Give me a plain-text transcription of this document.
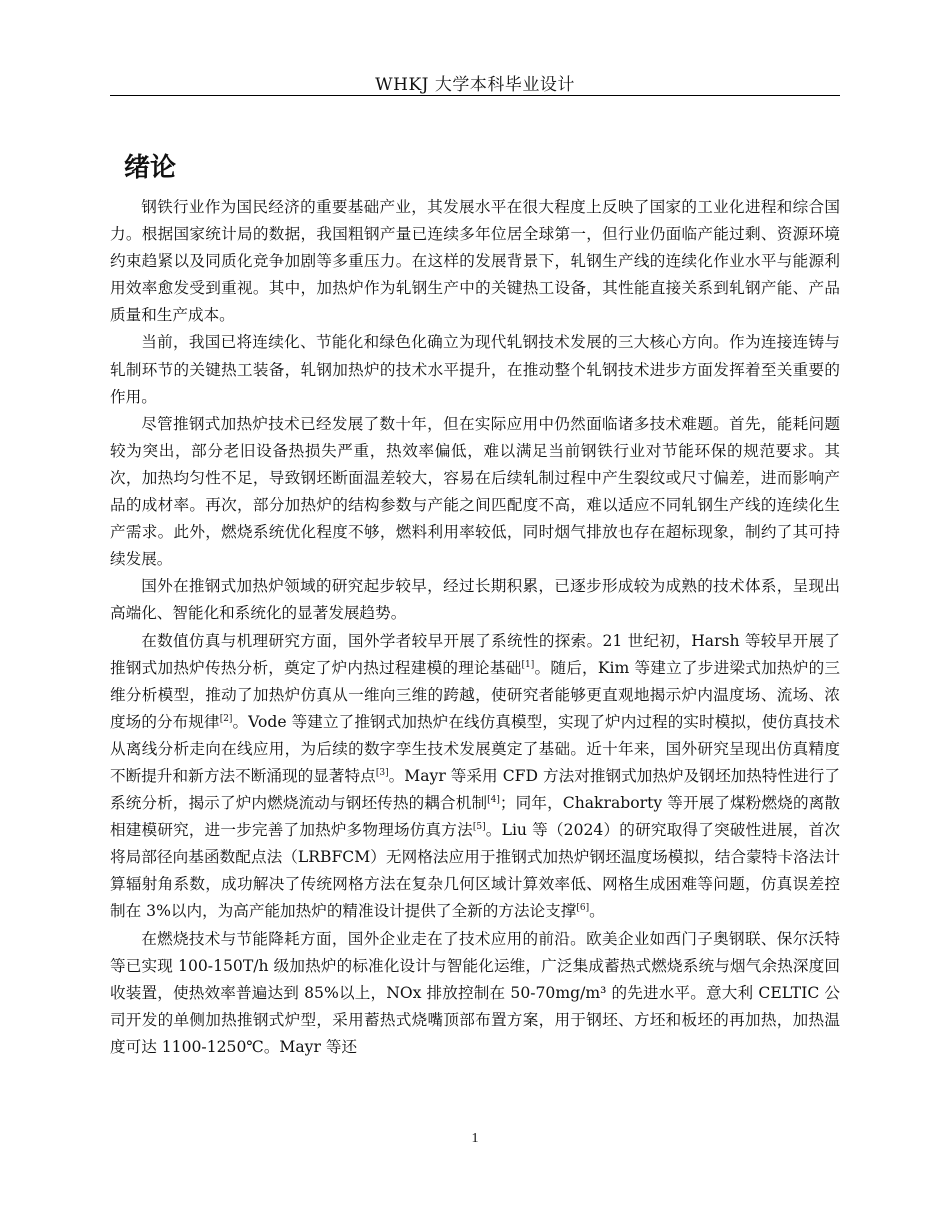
WHKJ 大学本科毕业设计
绪论

钢铁行业作为国民经济的重要基础产业，其发展水平在很大程度上反映了国家的工业化进程和综合国力。根据国家统计局的数据，我国粗钢产量已连续多年位居全球第一，但行业仍面临产能过剩、资源环境约束趋紧以及同质化竞争加剧等多重压力。在这样的发展背景下，轧钢生产线的连续化作业水平与能源利用效率愈发受到重视。其中，加热炉作为轧钢生产中的关键热工设备，其性能直接关系到轧钢产能、产品质量和生产成本。

当前，我国已将连续化、节能化和绿色化确立为现代轧钢技术发展的三大核心方向。作为连接连铸与轧制环节的关键热工装备，轧钢加热炉的技术水平提升，在推动整个轧钢技术进步方面发挥着至关重要的作用。

尽管推钢式加热炉技术已经发展了数十年，但在实际应用中仍然面临诸多技术难题。首先，能耗问题较为突出，部分老旧设备热损失严重，热效率偏低，难以满足当前钢铁行业对节能环保的规范要求。其次，加热均匀性不足，导致钢坯断面温差较大，容易在后续轧制过程中产生裂纹或尺寸偏差，进而影响产品的成材率。再次，部分加热炉的结构参数与产能之间匹配度不高，难以适应不同轧钢生产线的连续化生产需求。此外，燃烧系统优化程度不够，燃料利用率较低，同时烟气排放也存在超标现象，制约了其可持续发展。

国外在推钢式加热炉领域的研究起步较早，经过长期积累，已逐步形成较为成熟的技术体系，呈现出高端化、智能化和系统化的显著发展趋势。

在数值仿真与机理研究方面，国外学者较早开展了系统性的探索。21 世纪初，Harsh 等较早开展了推钢式加热炉传热分析，奠定了炉内热过程建模的理论基础[1]。随后，Kim 等建立了步进梁式加热炉的三维分析模型，推动了加热炉仿真从一维向三维的跨越，使研究者能够更直观地揭示炉内温度场、流场、浓度场的分布规律[2]。Vode 等建立了推钢式加热炉在线仿真模型，实现了炉内过程的实时模拟，使仿真技术从离线分析走向在线应用，为后续的数字孪生技术发展奠定了基础。近十年来，国外研究呈现出仿真精度不断提升和新方法不断涌现的显著特点[3]。Mayr 等采用 CFD 方法对推钢式加热炉及钢坯加热特性进行了系统分析，揭示了炉内燃烧流动与钢坯传热的耦合机制[4]；同年，Chakraborty 等开展了煤粉燃烧的离散相建模研究，进一步完善了加热炉多物理场仿真方法[5]。Liu 等（2024）的研究取得了突破性进展，首次将局部径向基函数配点法（LRBFCM）无网格法应用于推钢式加热炉钢坯温度场模拟，结合蒙特卡洛法计算辐射角系数，成功解决了传统网格方法在复杂几何区域计算效率低、网格生成困难等问题，仿真误差控制在 3%以内，为高产能加热炉的精准设计提供了全新的方法论支撑[6]。

在燃烧技术与节能降耗方面，国外企业走在了技术应用的前沿。欧美企业如西门子奥钢联、保尔沃特等已实现 100-150T/h 级加热炉的标准化设计与智能化运维，广泛集成蓄热式燃烧系统与烟气余热深度回收装置，使热效率普遍达到 85%以上，NOx 排放控制在 50-70mg/m³ 的先进水平。意大利 CELTIC 公司开发的单侧加热推钢式炉型，采用蓄热式烧嘴顶部布置方案，用于钢坯、方坯和板坯的再加热，加热温度可达 1100-1250℃。Mayr 等还

1
